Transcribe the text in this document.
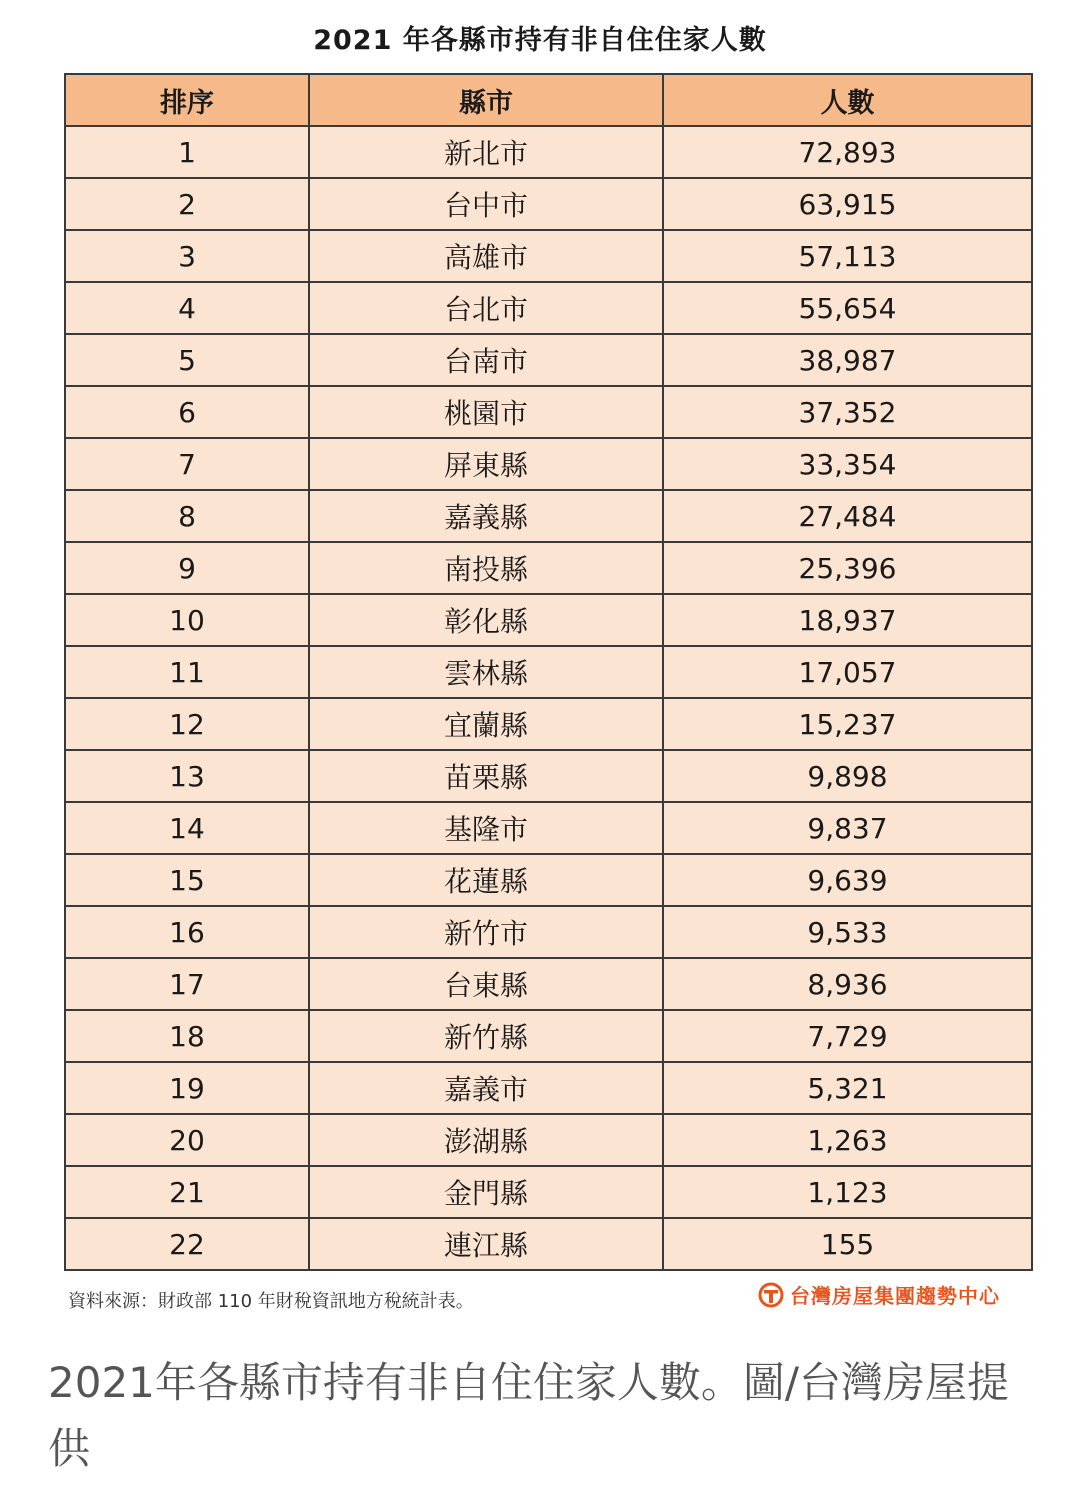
2021 年各縣市持有非自住住家人數
排序	縣市	人數
1	新北市	72,893
2	台中市	63,915
3	高雄市	57,113
4	台北市	55,654
5	台南市	38,987
6	桃園市	37,352
7	屏東縣	33,354
8	嘉義縣	27,484
9	南投縣	25,396
10	彰化縣	18,937
11	雲林縣	17,057
12	宜蘭縣	15,237
13	苗栗縣	9,898
14	基隆市	9,837
15	花蓮縣	9,639
16	新竹市	9,533
17	台東縣	8,936
18	新竹縣	7,729
19	嘉義市	5,321
20	澎湖縣	1,263
21	金門縣	1,123
22	連江縣	155
資料來源：財政部 110 年財稅資訊地方稅統計表。	台灣房屋集團趨勢中心
2021年各縣市持有非自住住家人數。圖/台灣房屋提供
